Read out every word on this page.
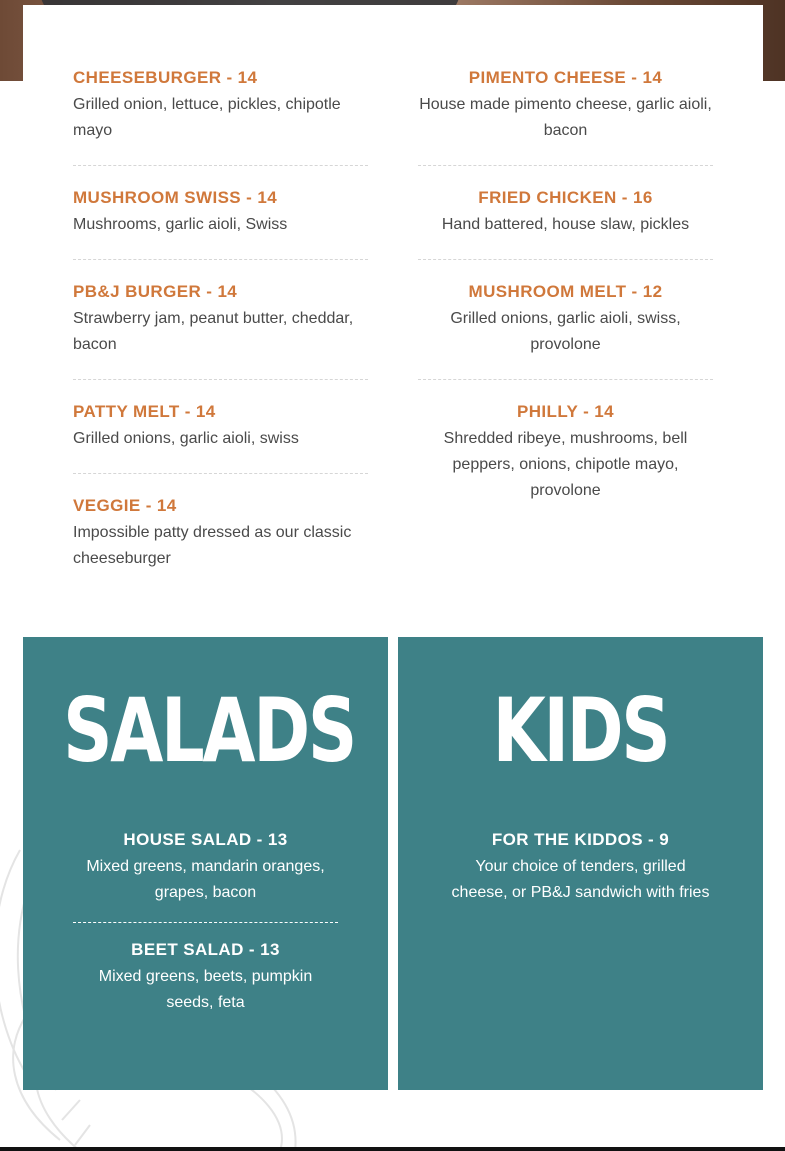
CHEESEBURGER - 14

Grilled onion, lettuce, pickles, chipotle mayo

MUSHROOM SWISS - 14

Mushrooms, garlic aioli, Swiss

PB&J BURGER - 14

Strawberry jam, peanut butter, cheddar, bacon

PATTY MELT - 14

Grilled onions, garlic aioli, swiss

VEGGIE - 14

Impossible patty dressed as our classic cheeseburger

PIMENTO CHEESE - 14

House made pimento cheese, garlic aioli, bacon

FRIED CHICKEN - 16

Hand battered, house slaw, pickles

MUSHROOM MELT - 12

Grilled onions, garlic aioli, swiss, provolone

PHILLY - 14

Shredded ribeye, mushrooms, bell peppers, onions, chipotle mayo, provolone

SALADS

HOUSE SALAD - 13

Mixed greens, mandarin oranges, grapes, bacon

BEET SALAD - 13

Mixed greens, beets, pumpkin seeds, feta

KIDS

FOR THE KIDDOS - 9

Your choice of tenders, grilled cheese, or PB&J sandwich with fries
